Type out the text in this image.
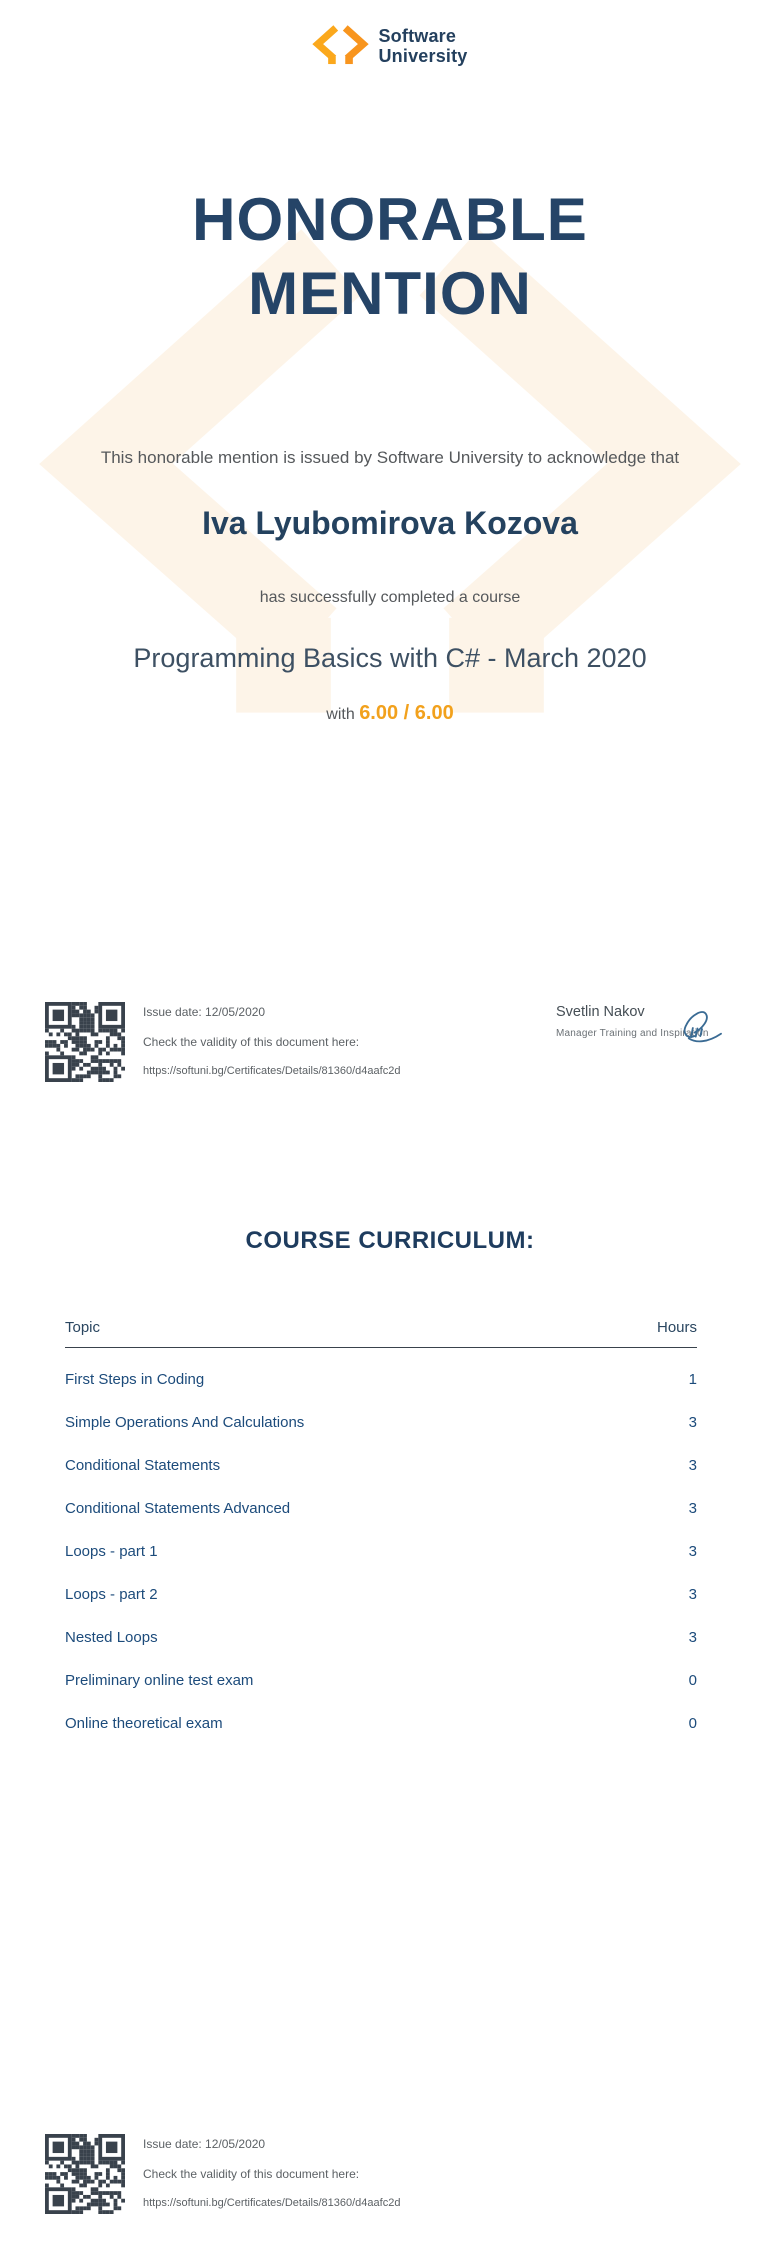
Software
University
HONORABLE
MENTION
This honorable mention is issued by Software University to acknowledge that
Iva Lyubomirova Kozova
has successfully completed a course
Programming Basics with C# - March 2020
with 6.00 / 6.00
Issue date: 12/05/2020
Check the validity of this document here:
https://softuni.bg/Certificates/Details/81360/d4aafc2d
Svetlin Nakov
Manager Training and Inspiration
COURSE CURRICULUM:
Topic	Hours
First Steps in Coding	1
Simple Operations And Calculations	3
Conditional Statements	3
Conditional Statements Advanced	3
Loops - part 1	3
Loops - part 2	3
Nested Loops	3
Preliminary online test exam	0
Online theoretical exam	0
Issue date: 12/05/2020
Check the validity of this document here:
https://softuni.bg/Certificates/Details/81360/d4aafc2d
